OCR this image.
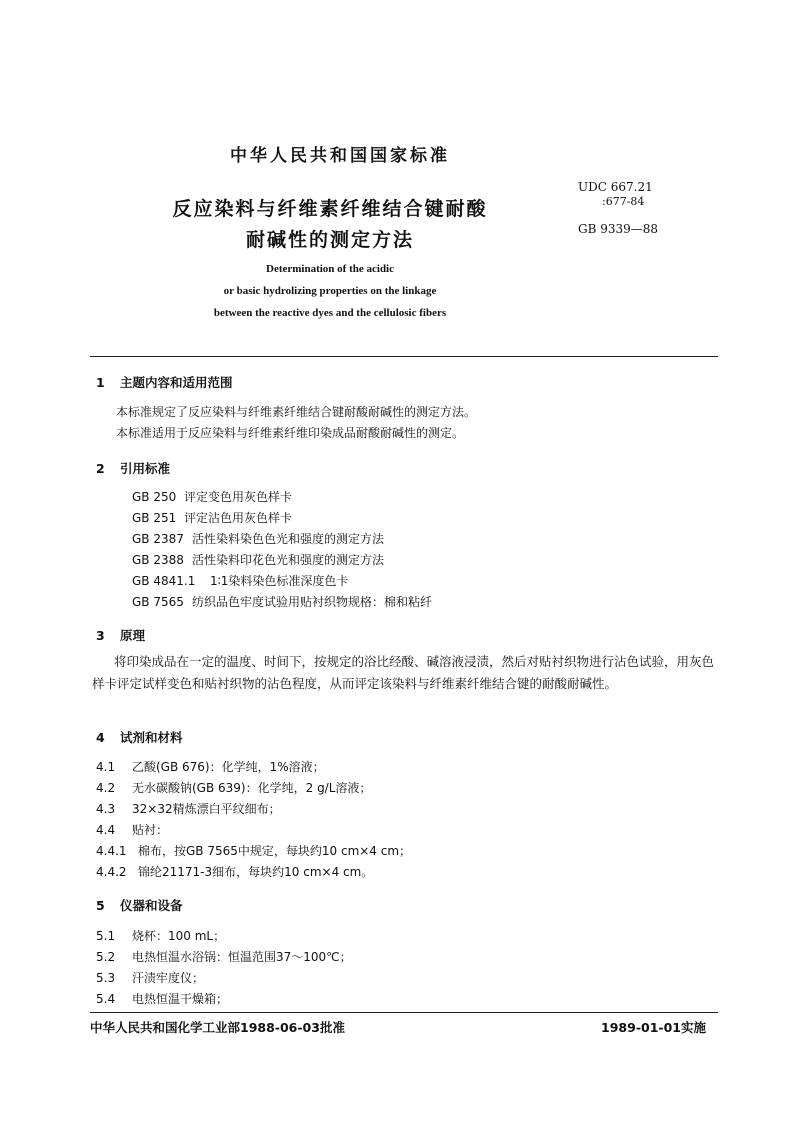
中华人民共和国国家标准
反应染料与纤维素纤维结合键耐酸
耐碱性的测定方法
UDC 667.21
:677-84
GB 9339—88
Determination of the acidic
or basic hydrolizing properties on the linkage
between the reactive dyes and the cellulosic fibers
1 主题内容和适用范围
本标准规定了反应染料与纤维素纤维结合键耐酸耐碱性的测定方法。
本标准适用于反应染料与纤维素纤维印染成品耐酸耐碱性的测定。
2 引用标准
GB 250 评定变色用灰色样卡
GB 251 评定沾色用灰色样卡
GB 2387 活性染料染色色光和强度的测定方法
GB 2388 活性染料印花色光和强度的测定方法
GB 4841.1 1∶1染料染色标准深度色卡
GB 7565 纺织品色牢度试验用贴衬织物规格：棉和粘纤
3 原理
将印染成品在一定的温度、时间下，按规定的浴比经酸、碱溶液浸渍，然后对贴衬织物进行沾色试验，用灰色样卡评定试样变色和贴衬织物的沾色程度，从而评定该染料与纤维素纤维结合键的耐酸耐碱性。
4 试剂和材料
4.1 乙酸(GB 676)：化学纯，1%溶液；
4.2 无水碳酸钠(GB 639)：化学纯，2 g/L溶液；
4.3 32×32精炼漂白平纹细布；
4.4 贴衬：
4.4.1 棉布，按GB 7565中规定，每块约10 cm×4 cm；
4.4.2 锦纶21171-3细布，每块约10 cm×4 cm。
5 仪器和设备
5.1 烧杯：100 mL；
5.2 电热恒温水浴锅：恒温范围37～100℃；
5.3 汗渍牢度仪；
5.4 电热恒温干燥箱；
中华人民共和国化学工业部1988-06-03批准	1989-01-01实施
